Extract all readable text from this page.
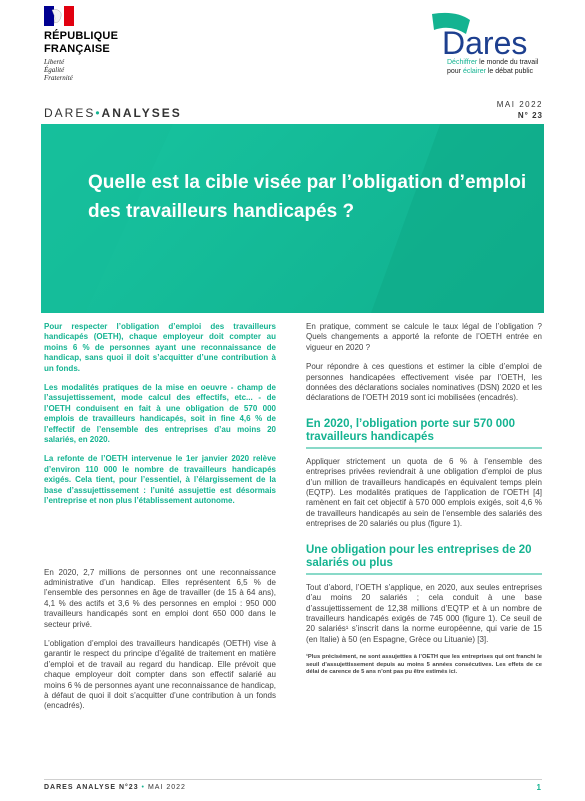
RÉPUBLIQUE
FRANÇAISE
Liberté
Égalité
Fraternité
Dares
Déchiffrer le monde du travail
pour éclairer le débat public
DARES•ANALYSES
MAI 2022
N° 23
Quelle est la cible visée par l’obligation d’emploi des travailleurs handicapés ?

Pour respecter l’obligation d’emploi des travailleurs handicapés (OETH), chaque employeur doit compter au moins 6 % de personnes ayant une reconnaissance de handicap, sans quoi il doit s’acquitter d’une contribution à un fonds.

Les modalités pratiques de la mise en oeuvre - champ de l’assujettissement, mode calcul des effectifs, etc... - de l’OETH conduisent en fait à une obligation de 570 000 emplois de travailleurs handicapés, soit in fine 4,6 % de l’effectif de l’ensemble des entreprises d’au moins 20 salariés, en 2020.

La refonte de l’OETH intervenue le 1er janvier 2020 relève d’environ 110 000 le nombre de travailleurs handicapés exigés. Cela tient, pour l’essentiel, à l’élargissement de la base d’assujettissement : l’unité assujettie est désormais l’entreprise et non plus l’établissement autonome.

En 2020, 2,7 millions de personnes ont une reconnaissance administrative d’un handicap. Elles représentent 6,5 % de l’ensemble des personnes en âge de travailler (de 15 à 64 ans), 4,1 % des actifs et 3,6 % des personnes en emploi : 950 000 travailleurs handicapés sont en emploi dont 650 000 dans le secteur privé.

L’obligation d’emploi des travailleurs handicapés (OETH) vise à garantir le respect du principe d’égalité de traitement en matière d’emploi et de travail au regard du handicap. Elle prévoit que chaque employeur doit compter dans son effectif salarié au moins 6 % de personnes ayant une reconnaissance de handicap, à défaut de quoi il doit s’acquitter d’une contribution à un fonds (encadrés).

En pratique, comment se calcule le taux légal de l’obligation ? Quels changements a apporté la refonte de l’OETH entrée en vigueur en 2020 ?

Pour répondre à ces questions et estimer la cible d’emploi de personnes handicapées effectivement visée par l’OETH, les données des déclarations sociales nominatives (DSN) 2020 et les déclarations de l’OETH 2019 sont ici mobilisées (encadrés).

En 2020, l’obligation porte sur 570 000 travailleurs handicapés

Appliquer strictement un quota de 6 % à l’ensemble des entreprises privées reviendrait à une obligation d’emploi de plus d’un million de travailleurs handicapés en équivalent temps plein (EQTP). Les modalités pratiques de l’application de l’OETH [4] ramènent en fait cet objectif à 570 000 emplois exigés, soit 4,6 % de travailleurs handicapés au sein de l’ensemble des salariés des entreprises de 20 salariés ou plus (figure 1).

Une obligation pour les entreprises de 20 salariés ou plus

Tout d’abord, l’OETH s’applique, en 2020, aux seules entreprises d’au moins 20 salariés ; cela conduit à une base d’assujettissement de 12,38 millions d’EQTP et à un nombre de travailleurs handicapés exigés de 745 000 (figure 1). Ce seuil de 20 salariés¹ s’inscrit dans la norme européenne, qui varie de 15 (en Italie) à 50 (en Espagne, Grèce ou Lituanie) [3].

¹Plus précisément, ne sont assujetties à l’OETH que les entreprises qui ont franchi le seuil d’assujettissement depuis au moins 5 années consécutives. Les effets de ce délai de carence de 5 ans n’ont pas pu être estimés ici.
DARES ANALYSE N°23 • MAI 2022	1
